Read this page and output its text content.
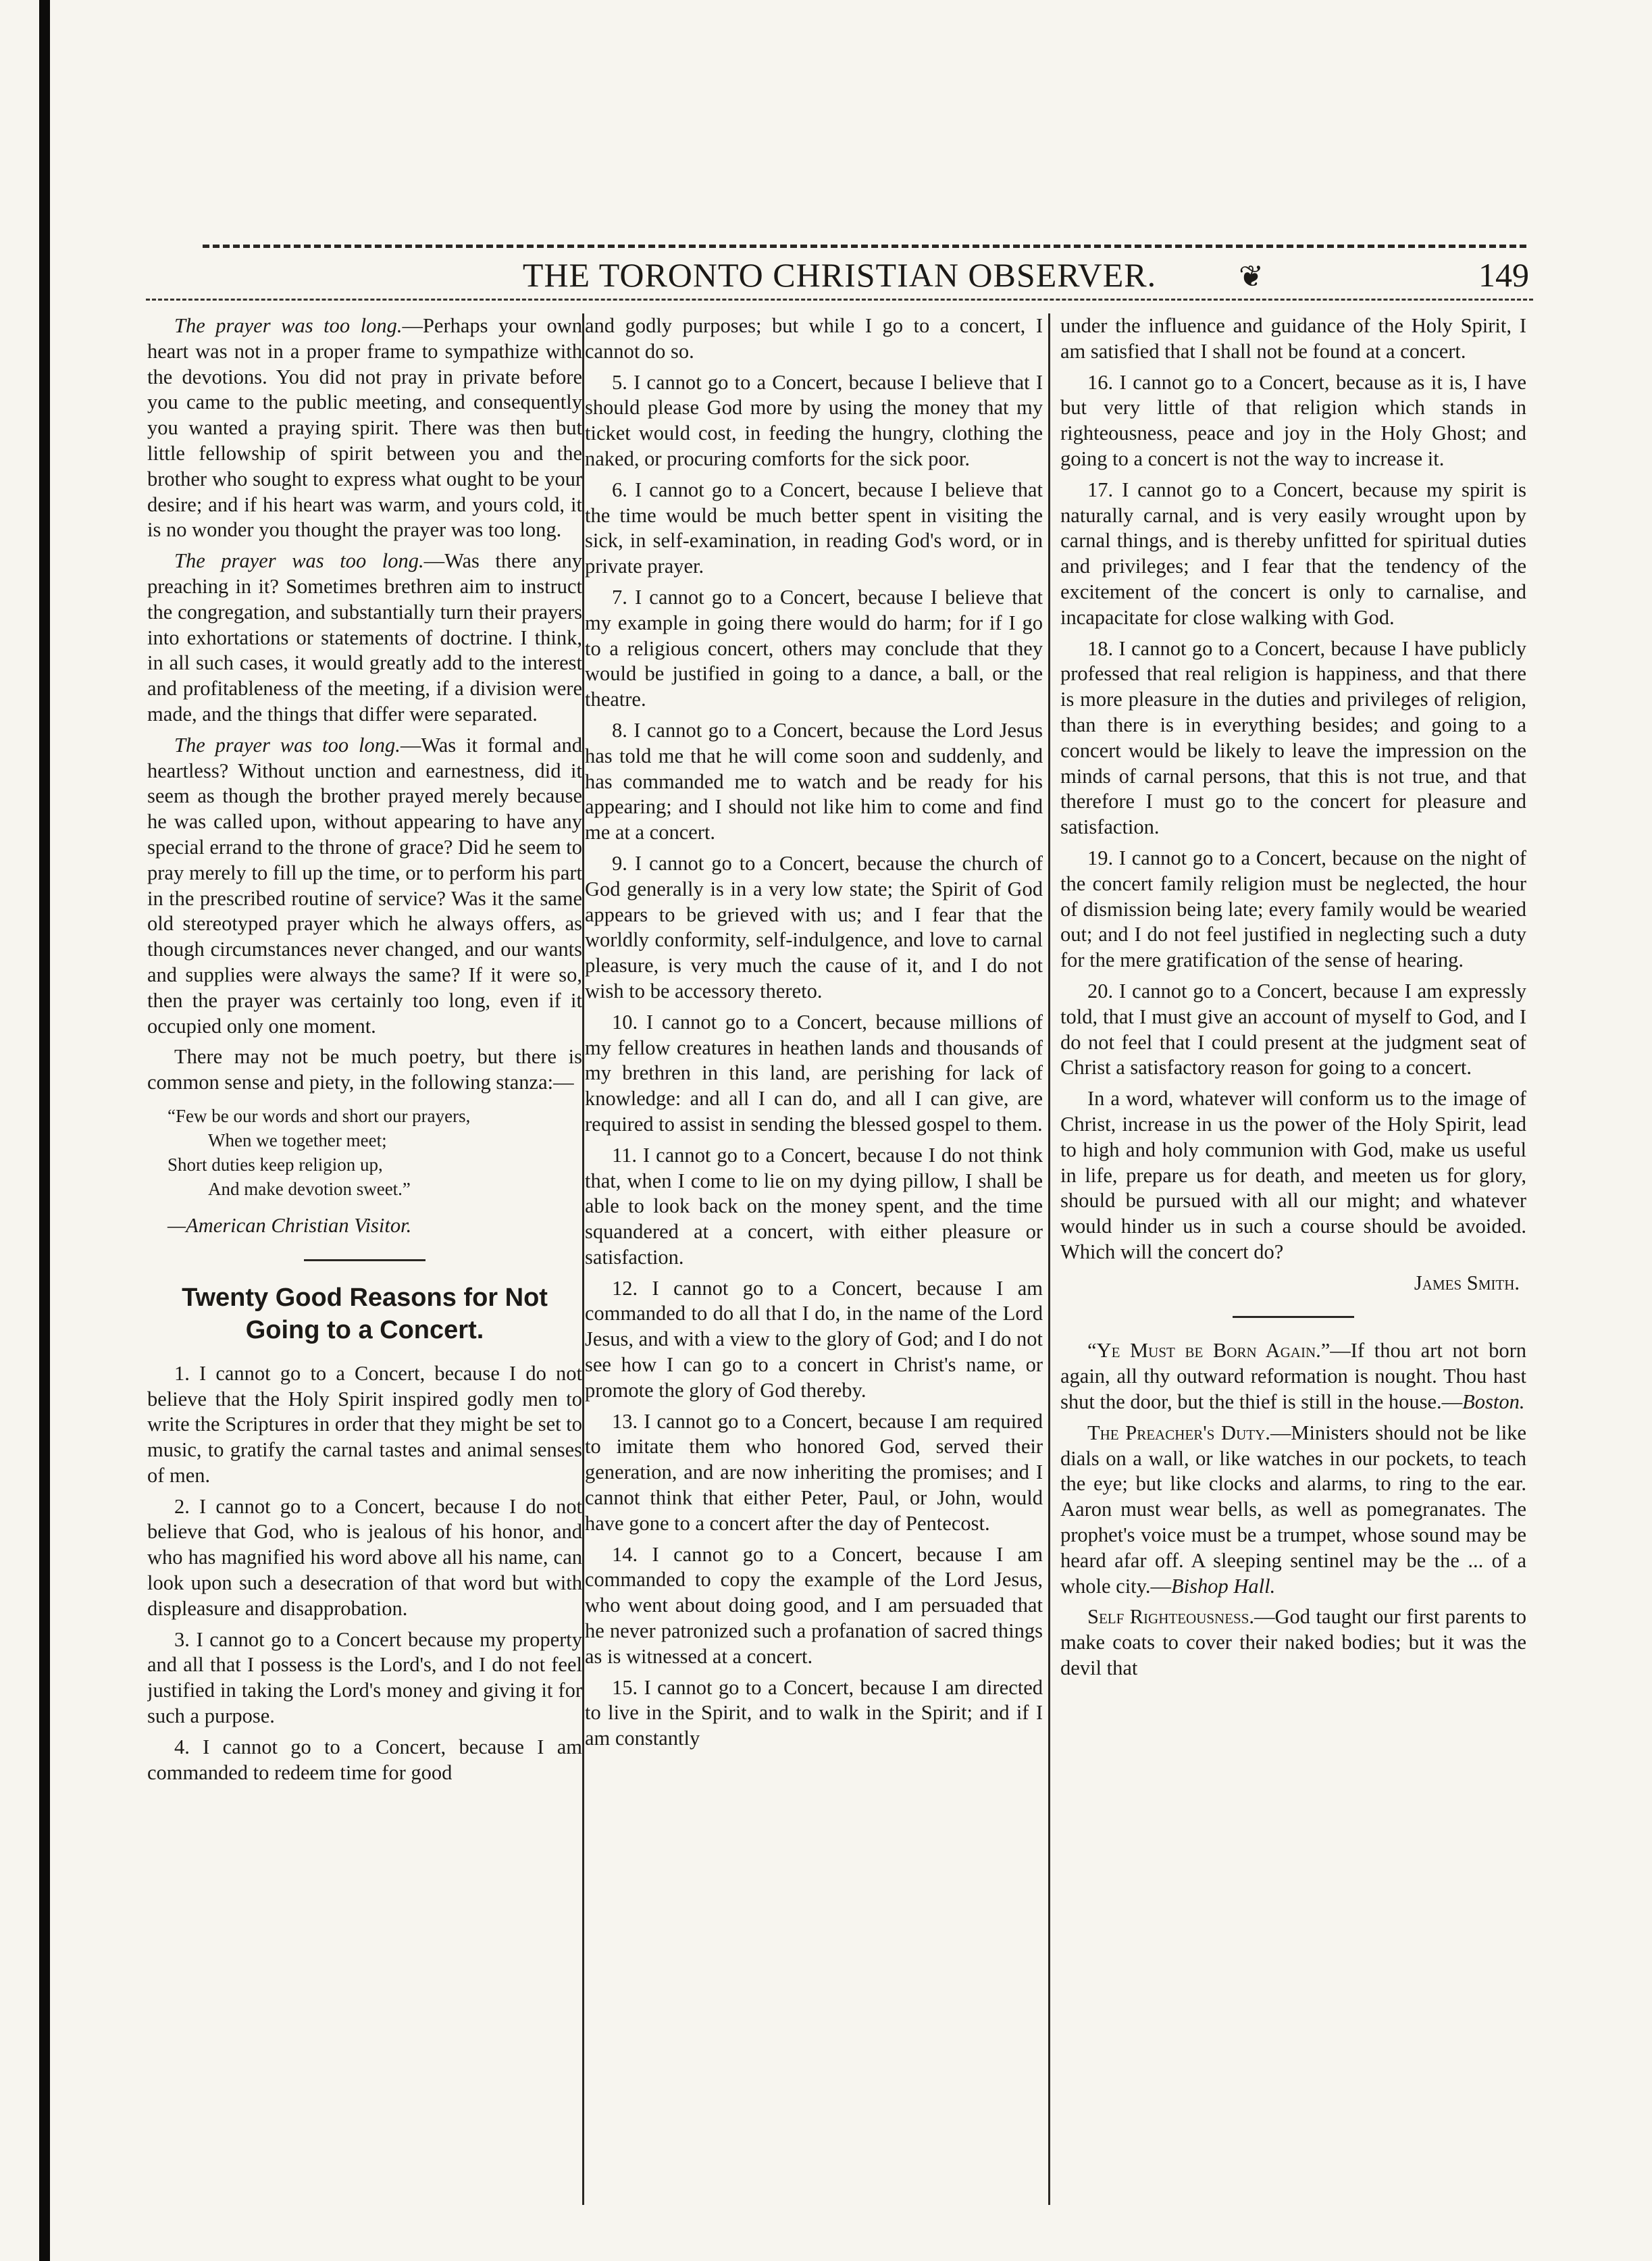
THE TORONTO CHRISTIAN OBSERVER.	❦	149

The prayer was too long.—Perhaps your own heart was not in a proper frame to sympathize with the devotions. You did not pray in private before you came to the public meeting, and consequently you wanted a praying spirit. There was then but little fellowship of spirit between you and the brother who sought to express what ought to be your desire; and if his heart was warm, and yours cold, it is no wonder you thought the prayer was too long.

The prayer was too long.—Was there any preaching in it? Sometimes brethren aim to instruct the congregation, and substantially turn their prayers into exhortations or statements of doctrine. I think, in all such cases, it would greatly add to the interest and profitableness of the meeting, if a division were made, and the things that differ were separated.

The prayer was too long.—Was it formal and heartless? Without unction and earnestness, did it seem as though the brother prayed merely because he was called upon, without appearing to have any special errand to the throne of grace? Did he seem to pray merely to fill up the time, or to perform his part in the prescribed routine of service? Was it the same old stereotyped prayer which he always offers, as though circumstances never changed, and our wants and supplies were always the same? If it were so, then the prayer was certainly too long, even if it occupied only one moment.

There may not be much poetry, but there is common sense and piety, in the following stanza:—

“Few be our words and short our prayers,
When we together meet;
Short duties keep religion up,
And make devotion sweet.”
—American Christian Visitor.
Twenty Good Reasons for Not Going to a Concert.

1. I cannot go to a Concert, because I do not believe that the Holy Spirit inspired godly men to write the Scriptures in order that they might be set to music, to gratify the carnal tastes and animal senses of men.

2. I cannot go to a Concert, because I do not believe that God, who is jealous of his honor, and who has magnified his word above all his name, can look upon such a desecration of that word but with displeasure and disapprobation.

3. I cannot go to a Concert because my property and all that I possess is the Lord's, and I do not feel justified in taking the Lord's money and giving it for such a purpose.

4. I cannot go to a Concert, because I am commanded to redeem time for good

and godly purposes; but while I go to a concert, I cannot do so.

5. I cannot go to a Concert, because I believe that I should please God more by using the money that my ticket would cost, in feeding the hungry, clothing the naked, or procuring comforts for the sick poor.

6. I cannot go to a Concert, because I believe that the time would be much better spent in visiting the sick, in self-examination, in reading God's word, or in private prayer.

7. I cannot go to a Concert, because I believe that my example in going there would do harm; for if I go to a religious concert, others may conclude that they would be justified in going to a dance, a ball, or the theatre.

8. I cannot go to a Concert, because the Lord Jesus has told me that he will come soon and suddenly, and has commanded me to watch and be ready for his appearing; and I should not like him to come and find me at a concert.

9. I cannot go to a Concert, because the church of God generally is in a very low state; the Spirit of God appears to be grieved with us; and I fear that the worldly conformity, self-indulgence, and love to carnal pleasure, is very much the cause of it, and I do not wish to be accessory thereto.

10. I cannot go to a Concert, because millions of my fellow creatures in heathen lands and thousands of my brethren in this land, are perishing for lack of knowledge: and all I can do, and all I can give, are required to assist in sending the blessed gospel to them.

11. I cannot go to a Concert, because I do not think that, when I come to lie on my dying pillow, I shall be able to look back on the money spent, and the time squandered at a concert, with either pleasure or satisfaction.

12. I cannot go to a Concert, because I am commanded to do all that I do, in the name of the Lord Jesus, and with a view to the glory of God; and I do not see how I can go to a concert in Christ's name, or promote the glory of God thereby.

13. I cannot go to a Concert, because I am required to imitate them who honored God, served their generation, and are now inheriting the promises; and I cannot think that either Peter, Paul, or John, would have gone to a concert after the day of Pentecost.

14. I cannot go to a Concert, because I am commanded to copy the example of the Lord Jesus, who went about doing good, and I am persuaded that he never patronized such a profanation of sacred things as is witnessed at a concert.

15. I cannot go to a Concert, because I am directed to live in the Spirit, and to walk in the Spirit; and if I am constantly

under the influence and guidance of the Holy Spirit, I am satisfied that I shall not be found at a concert.

16. I cannot go to a Concert, because as it is, I have but very little of that religion which stands in righteousness, peace and joy in the Holy Ghost; and going to a concert is not the way to increase it.

17. I cannot go to a Concert, because my spirit is naturally carnal, and is very easily wrought upon by carnal things, and is thereby unfitted for spiritual duties and privileges; and I fear that the tendency of the excitement of the concert is only to carnalise, and incapacitate for close walking with God.

18. I cannot go to a Concert, because I have publicly professed that real religion is happiness, and that there is more pleasure in the duties and privileges of religion, than there is in everything besides; and going to a concert would be likely to leave the impression on the minds of carnal persons, that this is not true, and that therefore I must go to the concert for pleasure and satisfaction.

19. I cannot go to a Concert, because on the night of the concert family religion must be neglected, the hour of dismission being late; every family would be wearied out; and I do not feel justified in neglecting such a duty for the mere gratification of the sense of hearing.

20. I cannot go to a Concert, because I am expressly told, that I must give an account of myself to God, and I do not feel that I could present at the judgment seat of Christ a satisfactory reason for going to a concert.

In a word, whatever will conform us to the image of Christ, increase in us the power of the Holy Spirit, lead to high and holy communion with God, make us useful in life, prepare us for death, and meeten us for glory, should be pursued with all our might; and whatever would hinder us in such a course should be avoided. Which will the concert do?

James Smith.

“Ye Must be Born Again.”—If thou art not born again, all thy outward reformation is nought. Thou hast shut the door, but the thief is still in the house.—Boston.

The Preacher's Duty.—Ministers should not be like dials on a wall, or like watches in our pockets, to teach the eye; but like clocks and alarms, to ring to the ear. Aaron must wear bells, as well as pomegranates. The prophet's voice must be a trumpet, whose sound may be heard afar off. A sleeping sentinel may be the ... of a whole city.—Bishop Hall.

Self Righteousness.—God taught our first parents to make coats to cover their naked bodies; but it was the devil that
